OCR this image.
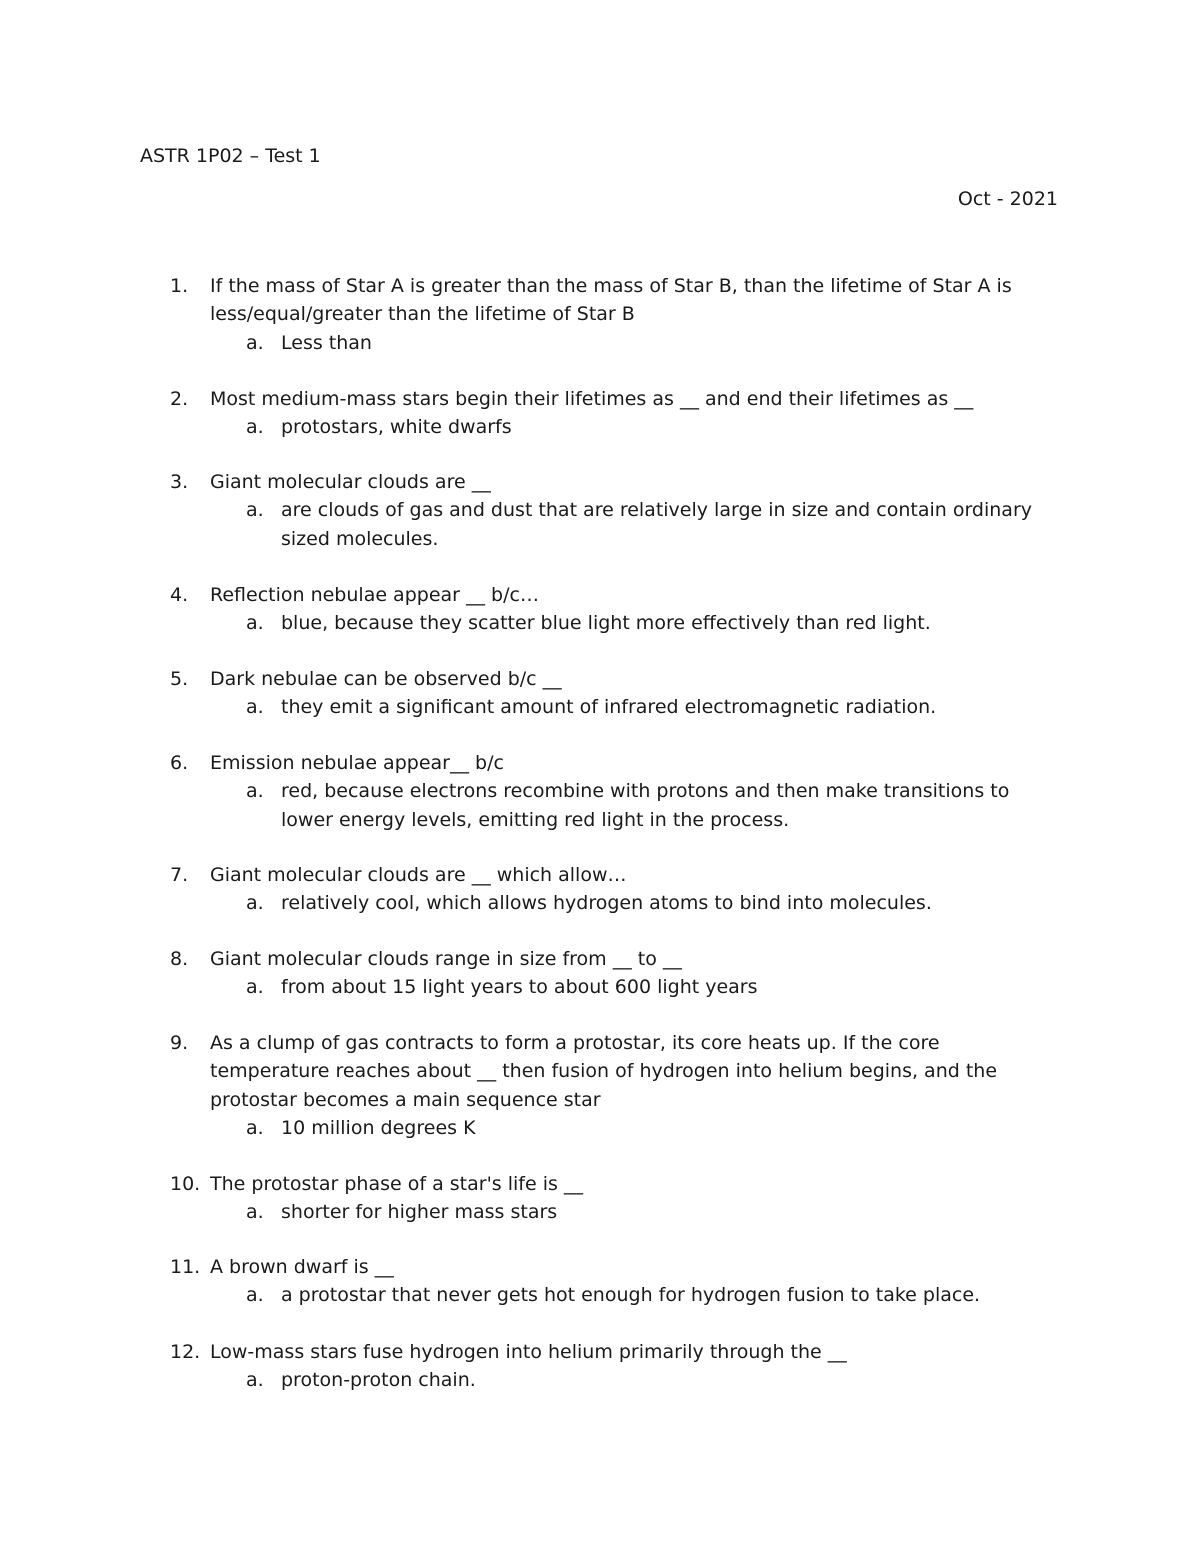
ASTR 1P02 – Test 1
Oct - 2021
1.	If the mass of Star A is greater than the mass of Star B, than the lifetime of Star A is less/equal/greater than the lifetime of Star B
a. Less than
2.	Most medium-mass stars begin their lifetimes as __ and end their lifetimes as __
a. protostars, white dwarfs
3.	Giant molecular clouds are __
a. are clouds of gas and dust that are relatively large in size and contain ordinary sized molecules.
4.	Reflection nebulae appear __ b/c…
a. blue, because they scatter blue light more effectively than red light.
5.	Dark nebulae can be observed b/c __
a. they emit a significant amount of infrared electromagnetic radiation.
6.	Emission nebulae appear__ b/c
a. red, because electrons recombine with protons and then make transitions to lower energy levels, emitting red light in the process.
7.	Giant molecular clouds are __ which allow…
a. relatively cool, which allows hydrogen atoms to bind into molecules.
8.	Giant molecular clouds range in size from __ to __
a. from about 15 light years to about 600 light years
9.	As a clump of gas contracts to form a protostar, its core heats up. If the core temperature reaches about __ then fusion of hydrogen into helium begins, and the protostar becomes a main sequence star
a. 10 million degrees K
10. The protostar phase of a star's life is __
a. shorter for higher mass stars
11. A brown dwarf is __
a. a protostar that never gets hot enough for hydrogen fusion to take place.
12. Low-mass stars fuse hydrogen into helium primarily through the __
a. proton-proton chain.
